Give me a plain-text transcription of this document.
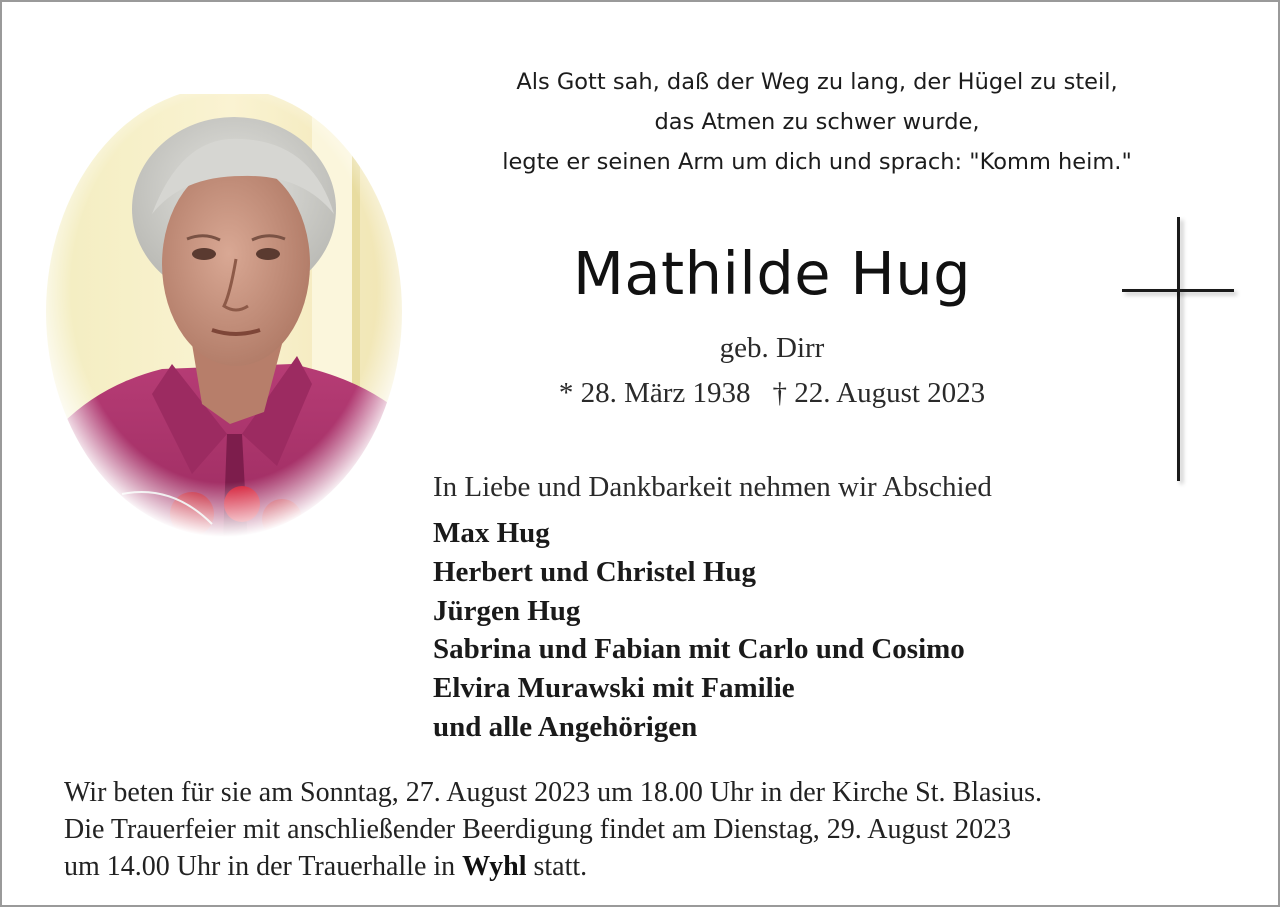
Als Gott sah, daß der Weg zu lang, der Hügel zu steil,
das Atmen zu schwer wurde,
legte er seinen Arm um dich und sprach: "Komm heim."
Mathilde Hug
geb. Dirr
* 28. März 1938 † 22. August 2023
In Liebe und Dankbarkeit nehmen wir Abschied
Max Hug
Herbert und Christel Hug
Jürgen Hug
Sabrina und Fabian mit Carlo und Cosimo
Elvira Murawski mit Familie
und alle Angehörigen
Wir beten für sie am Sonntag, 27. August 2023 um 18.00 Uhr in der Kirche St. Blasius.
Die Trauerfeier mit anschließender Beerdigung findet am Dienstag, 29. August 2023
um 14.00 Uhr in der Trauerhalle in Wyhl statt.
